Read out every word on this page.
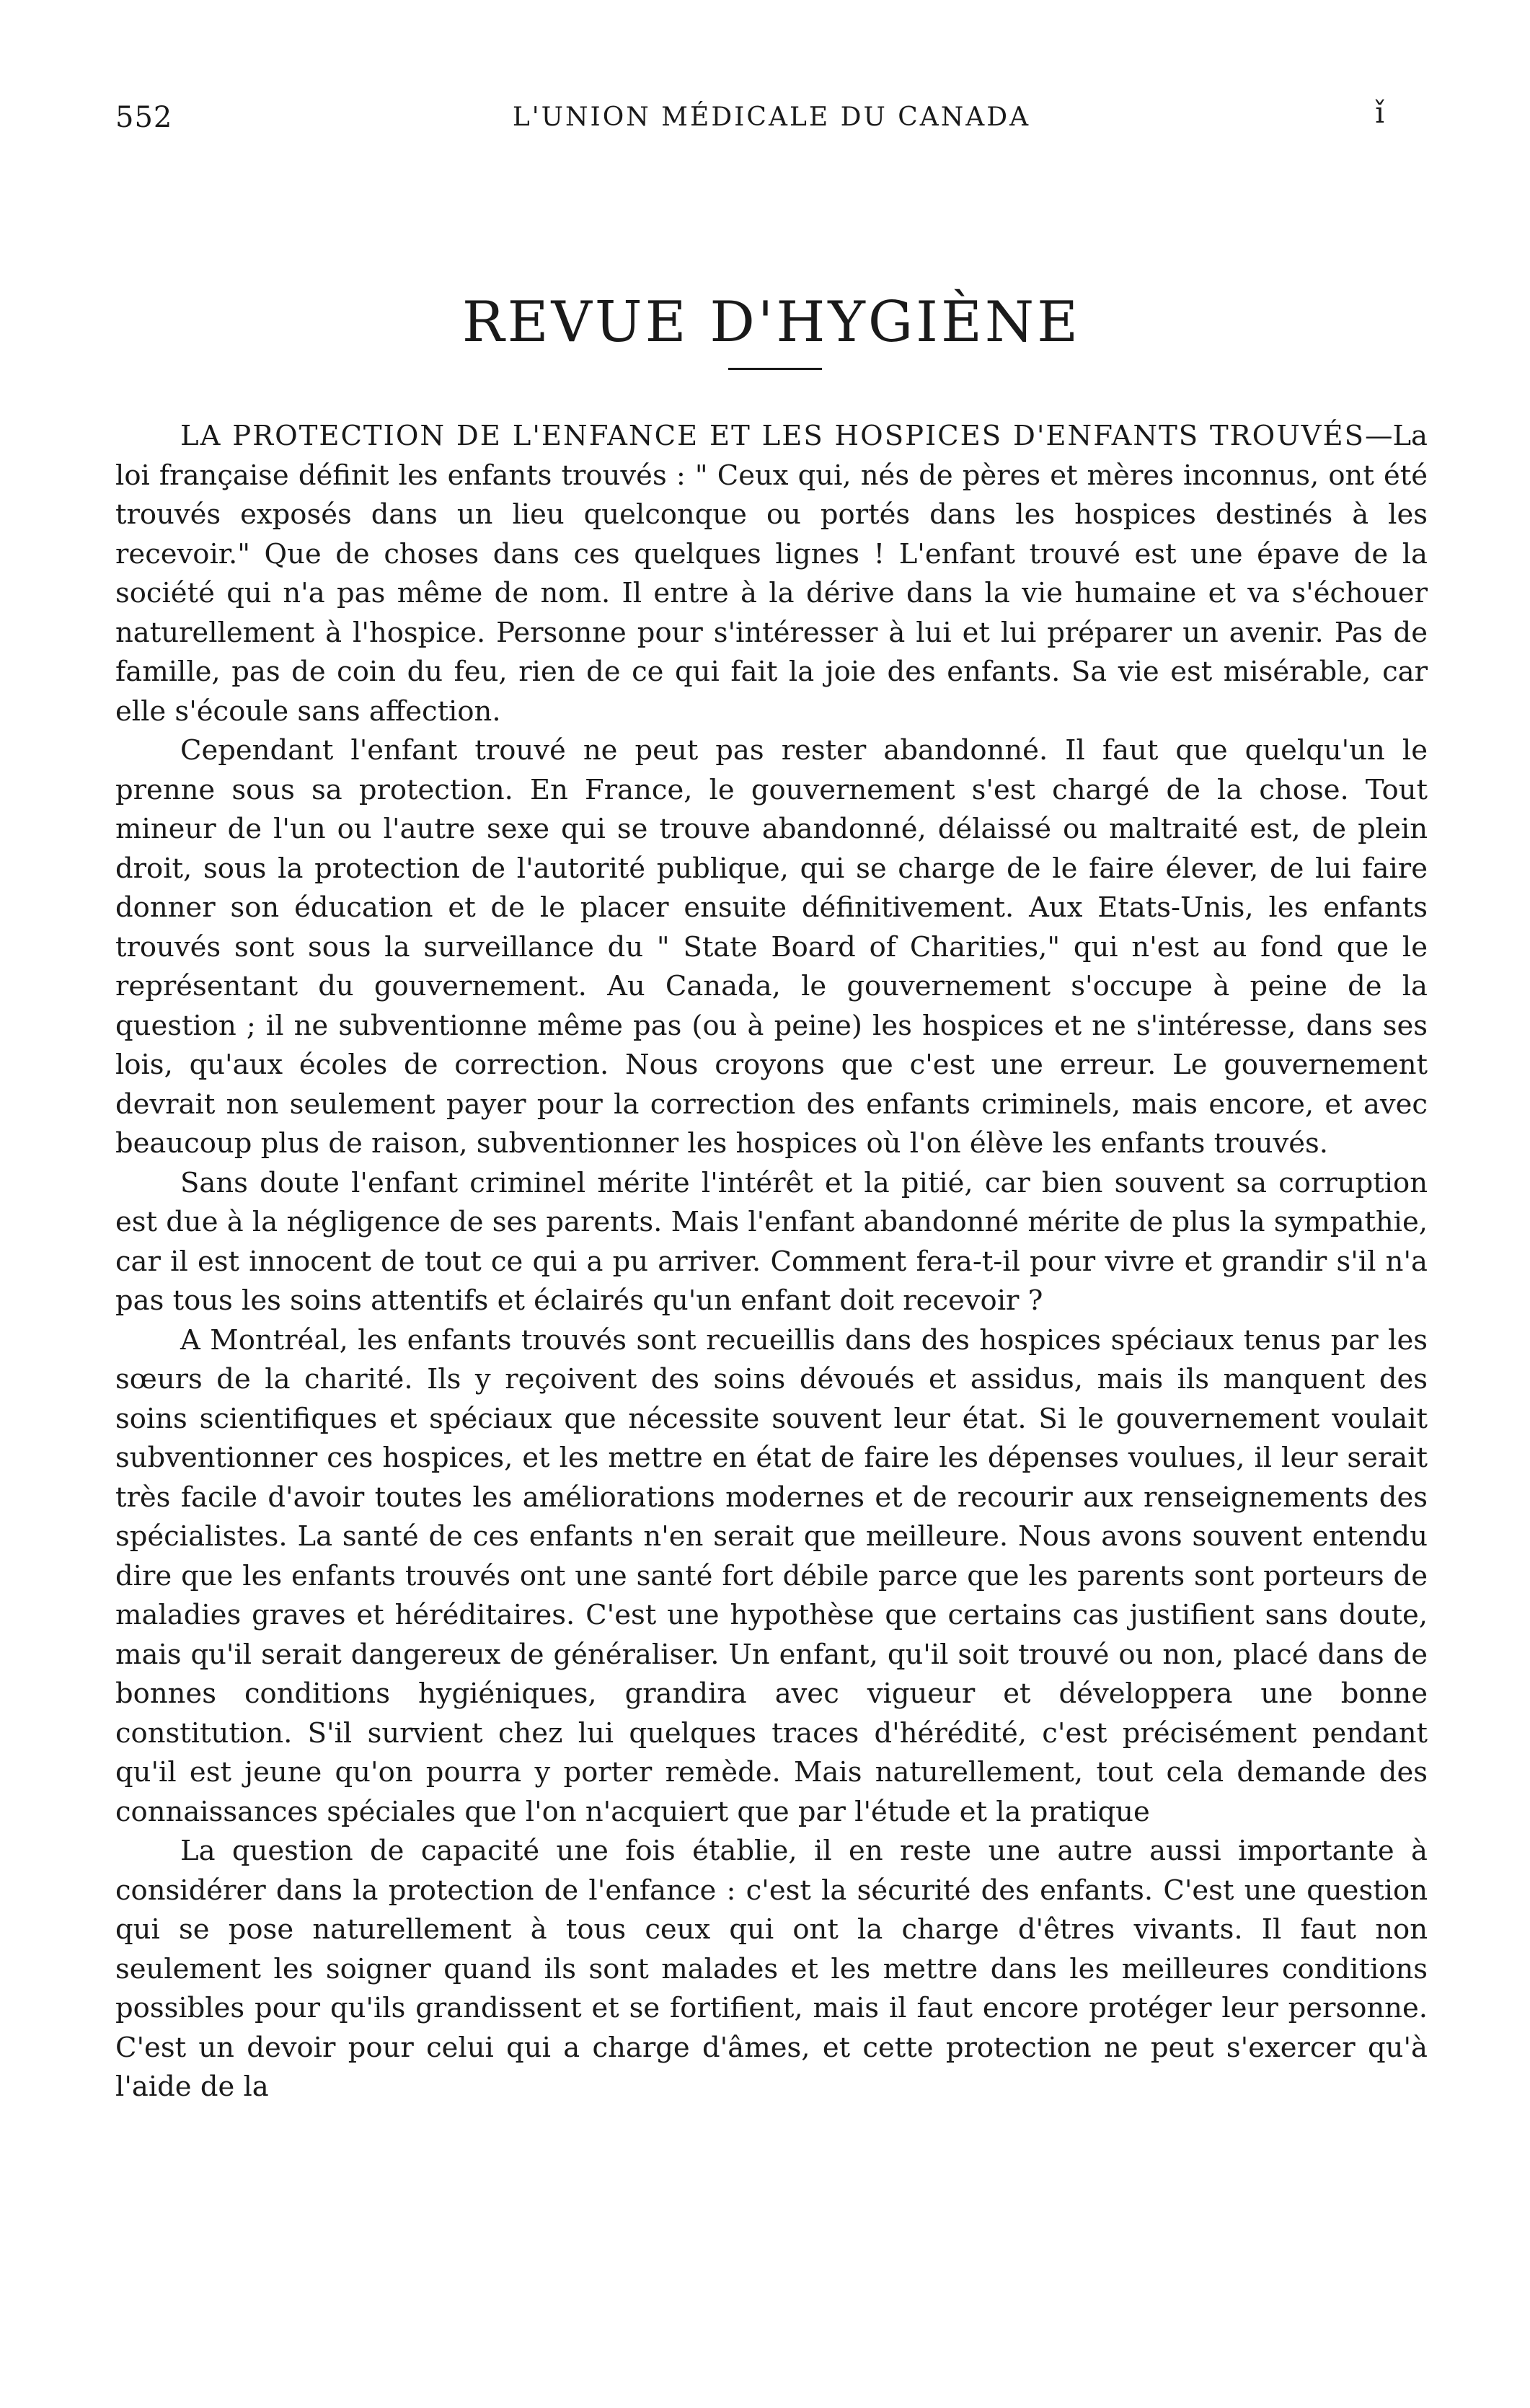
552	L'UNION MÉDICALE DU CANADA	ǐ
REVUE D'HYGIÈNE

LA PROTECTION DE L'ENFANCE ET LES HOSPICES D'ENFANTS TROUVÉS—La loi française définit les enfants trouvés : " Ceux qui, nés de pères et mères inconnus, ont été trouvés exposés dans un lieu quelconque ou portés dans les hospices destinés à les recevoir." Que de choses dans ces quelques lignes ! L'enfant trouvé est une épave de la société qui n'a pas même de nom. Il entre à la dérive dans la vie humaine et va s'échouer naturellement à l'hospice. Personne pour s'intéresser à lui et lui préparer un avenir. Pas de famille, pas de coin du feu, rien de ce qui fait la joie des enfants. Sa vie est misérable, car elle s'écoule sans affection.

Cependant l'enfant trouvé ne peut pas rester abandonné. Il faut que quelqu'un le prenne sous sa protection. En France, le gouvernement s'est chargé de la chose. Tout mineur de l'un ou l'autre sexe qui se trouve abandonné, délaissé ou maltraité est, de plein droit, sous la protection de l'autorité publique, qui se charge de le faire élever, de lui faire donner son éducation et de le placer ensuite définitivement. Aux Etats-Unis, les enfants trouvés sont sous la surveillance du " State Board of Charities," qui n'est au fond que le représentant du gouvernement. Au Canada, le gouvernement s'occupe à peine de la question ; il ne subventionne même pas (ou à peine) les hospices et ne s'intéresse, dans ses lois, qu'aux écoles de correction. Nous croyons que c'est une erreur. Le gouvernement devrait non seulement payer pour la correction des enfants criminels, mais encore, et avec beaucoup plus de raison, subventionner les hospices où l'on élève les enfants trouvés.

Sans doute l'enfant criminel mérite l'intérêt et la pitié, car bien souvent sa corruption est due à la négligence de ses parents. Mais l'enfant abandonné mérite de plus la sympathie, car il est innocent de tout ce qui a pu arriver. Comment fera-t-il pour vivre et grandir s'il n'a pas tous les soins attentifs et éclairés qu'un enfant doit recevoir ?

A Montréal, les enfants trouvés sont recueillis dans des hospices spéciaux tenus par les sœurs de la charité. Ils y reçoivent des soins dévoués et assidus, mais ils manquent des soins scientifiques et spéciaux que nécessite souvent leur état. Si le gouvernement voulait subventionner ces hospices, et les mettre en état de faire les dépenses voulues, il leur serait très facile d'avoir toutes les améliorations modernes et de recourir aux renseignements des spécialistes. La santé de ces enfants n'en serait que meilleure. Nous avons souvent entendu dire que les enfants trouvés ont une santé fort débile parce que les parents sont porteurs de maladies graves et héréditaires. C'est une hypothèse que certains cas justifient sans doute, mais qu'il serait dangereux de généraliser. Un enfant, qu'il soit trouvé ou non, placé dans de bonnes conditions hygiéniques, grandira avec vigueur et développera une bonne constitution. S'il survient chez lui quelques traces d'hérédité, c'est précisément pendant qu'il est jeune qu'on pourra y porter remède. Mais naturellement, tout cela demande des connaissances spéciales que l'on n'acquiert que par l'étude et la pratique

La question de capacité une fois établie, il en reste une autre aussi importante à considérer dans la protection de l'enfance : c'est la sécurité des enfants. C'est une question qui se pose naturellement à tous ceux qui ont la charge d'êtres vivants. Il faut non seulement les soigner quand ils sont malades et les mettre dans les meilleures conditions possibles pour qu'ils grandissent et se fortifient, mais il faut encore protéger leur personne. C'est un devoir pour celui qui a charge d'âmes, et cette protection ne peut s'exercer qu'à l'aide de la
